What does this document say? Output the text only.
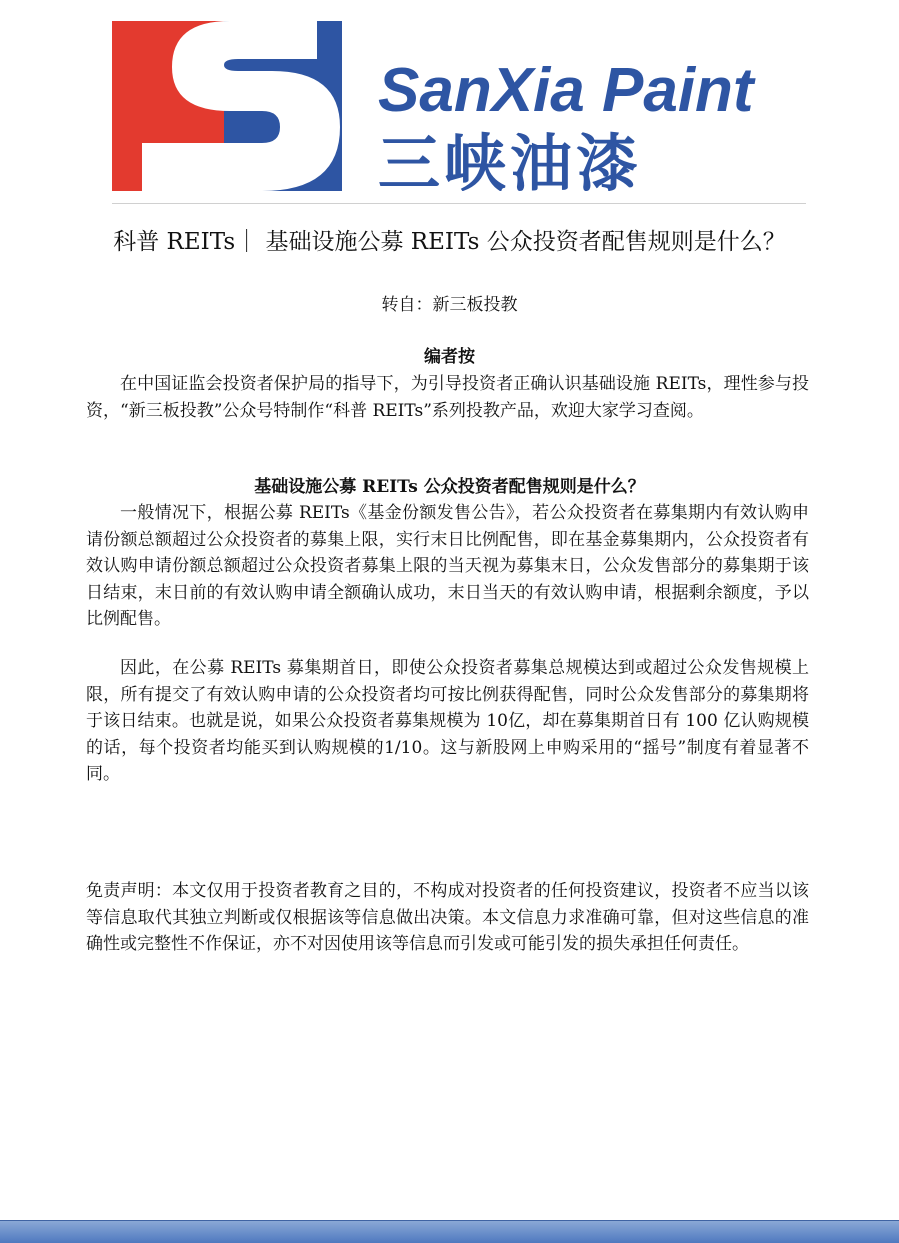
SanXia Paint
三峡油漆
科普 REITs｜ 基础设施公募 REITs 公众投资者配售规则是什么？
转自：新三板投教
编者按

在中国证监会投资者保护局的指导下，为引导投资者正确认识基础设施 REITs，理性参与投资，“新三板投教”公众号特制作“科普 REITs”系列投教产品，欢迎大家学习查阅。

基础设施公募 REITs 公众投资者配售规则是什么？

一般情况下，根据公募 REITs《基金份额发售公告》，若公众投资者在募集期内有效认购申请份额总额超过公众投资者的募集上限，实行末日比例配售，即在基金募集期内，公众投资者有效认购申请份额总额超过公众投资者募集上限的当天视为募集末日，公众发售部分的募集期于该日结束，末日前的有效认购申请全额确认成功，末日当天的有效认购申请，根据剩余额度，予以比例配售。

因此，在公募 REITs 募集期首日，即使公众投资者募集总规模达到或超过公众发售规模上限，所有提交了有效认购申请的公众投资者均可按比例获得配售，同时公众发售部分的募集期将于该日结束。也就是说，如果公众投资者募集规模为 10亿，却在募集期首日有 100 亿认购规模的话，每个投资者均能买到认购规模的1/10。这与新股网上申购采用的“摇号”制度有着显著不同。

免责声明：本文仅用于投资者教育之目的，不构成对投资者的任何投资建议，投资者不应当以该等信息取代其独立判断或仅根据该等信息做出决策。本文信息力求准确可靠，但对这些信息的准确性或完整性不作保证，亦不对因使用该等信息而引发或可能引发的损失承担任何责任。
